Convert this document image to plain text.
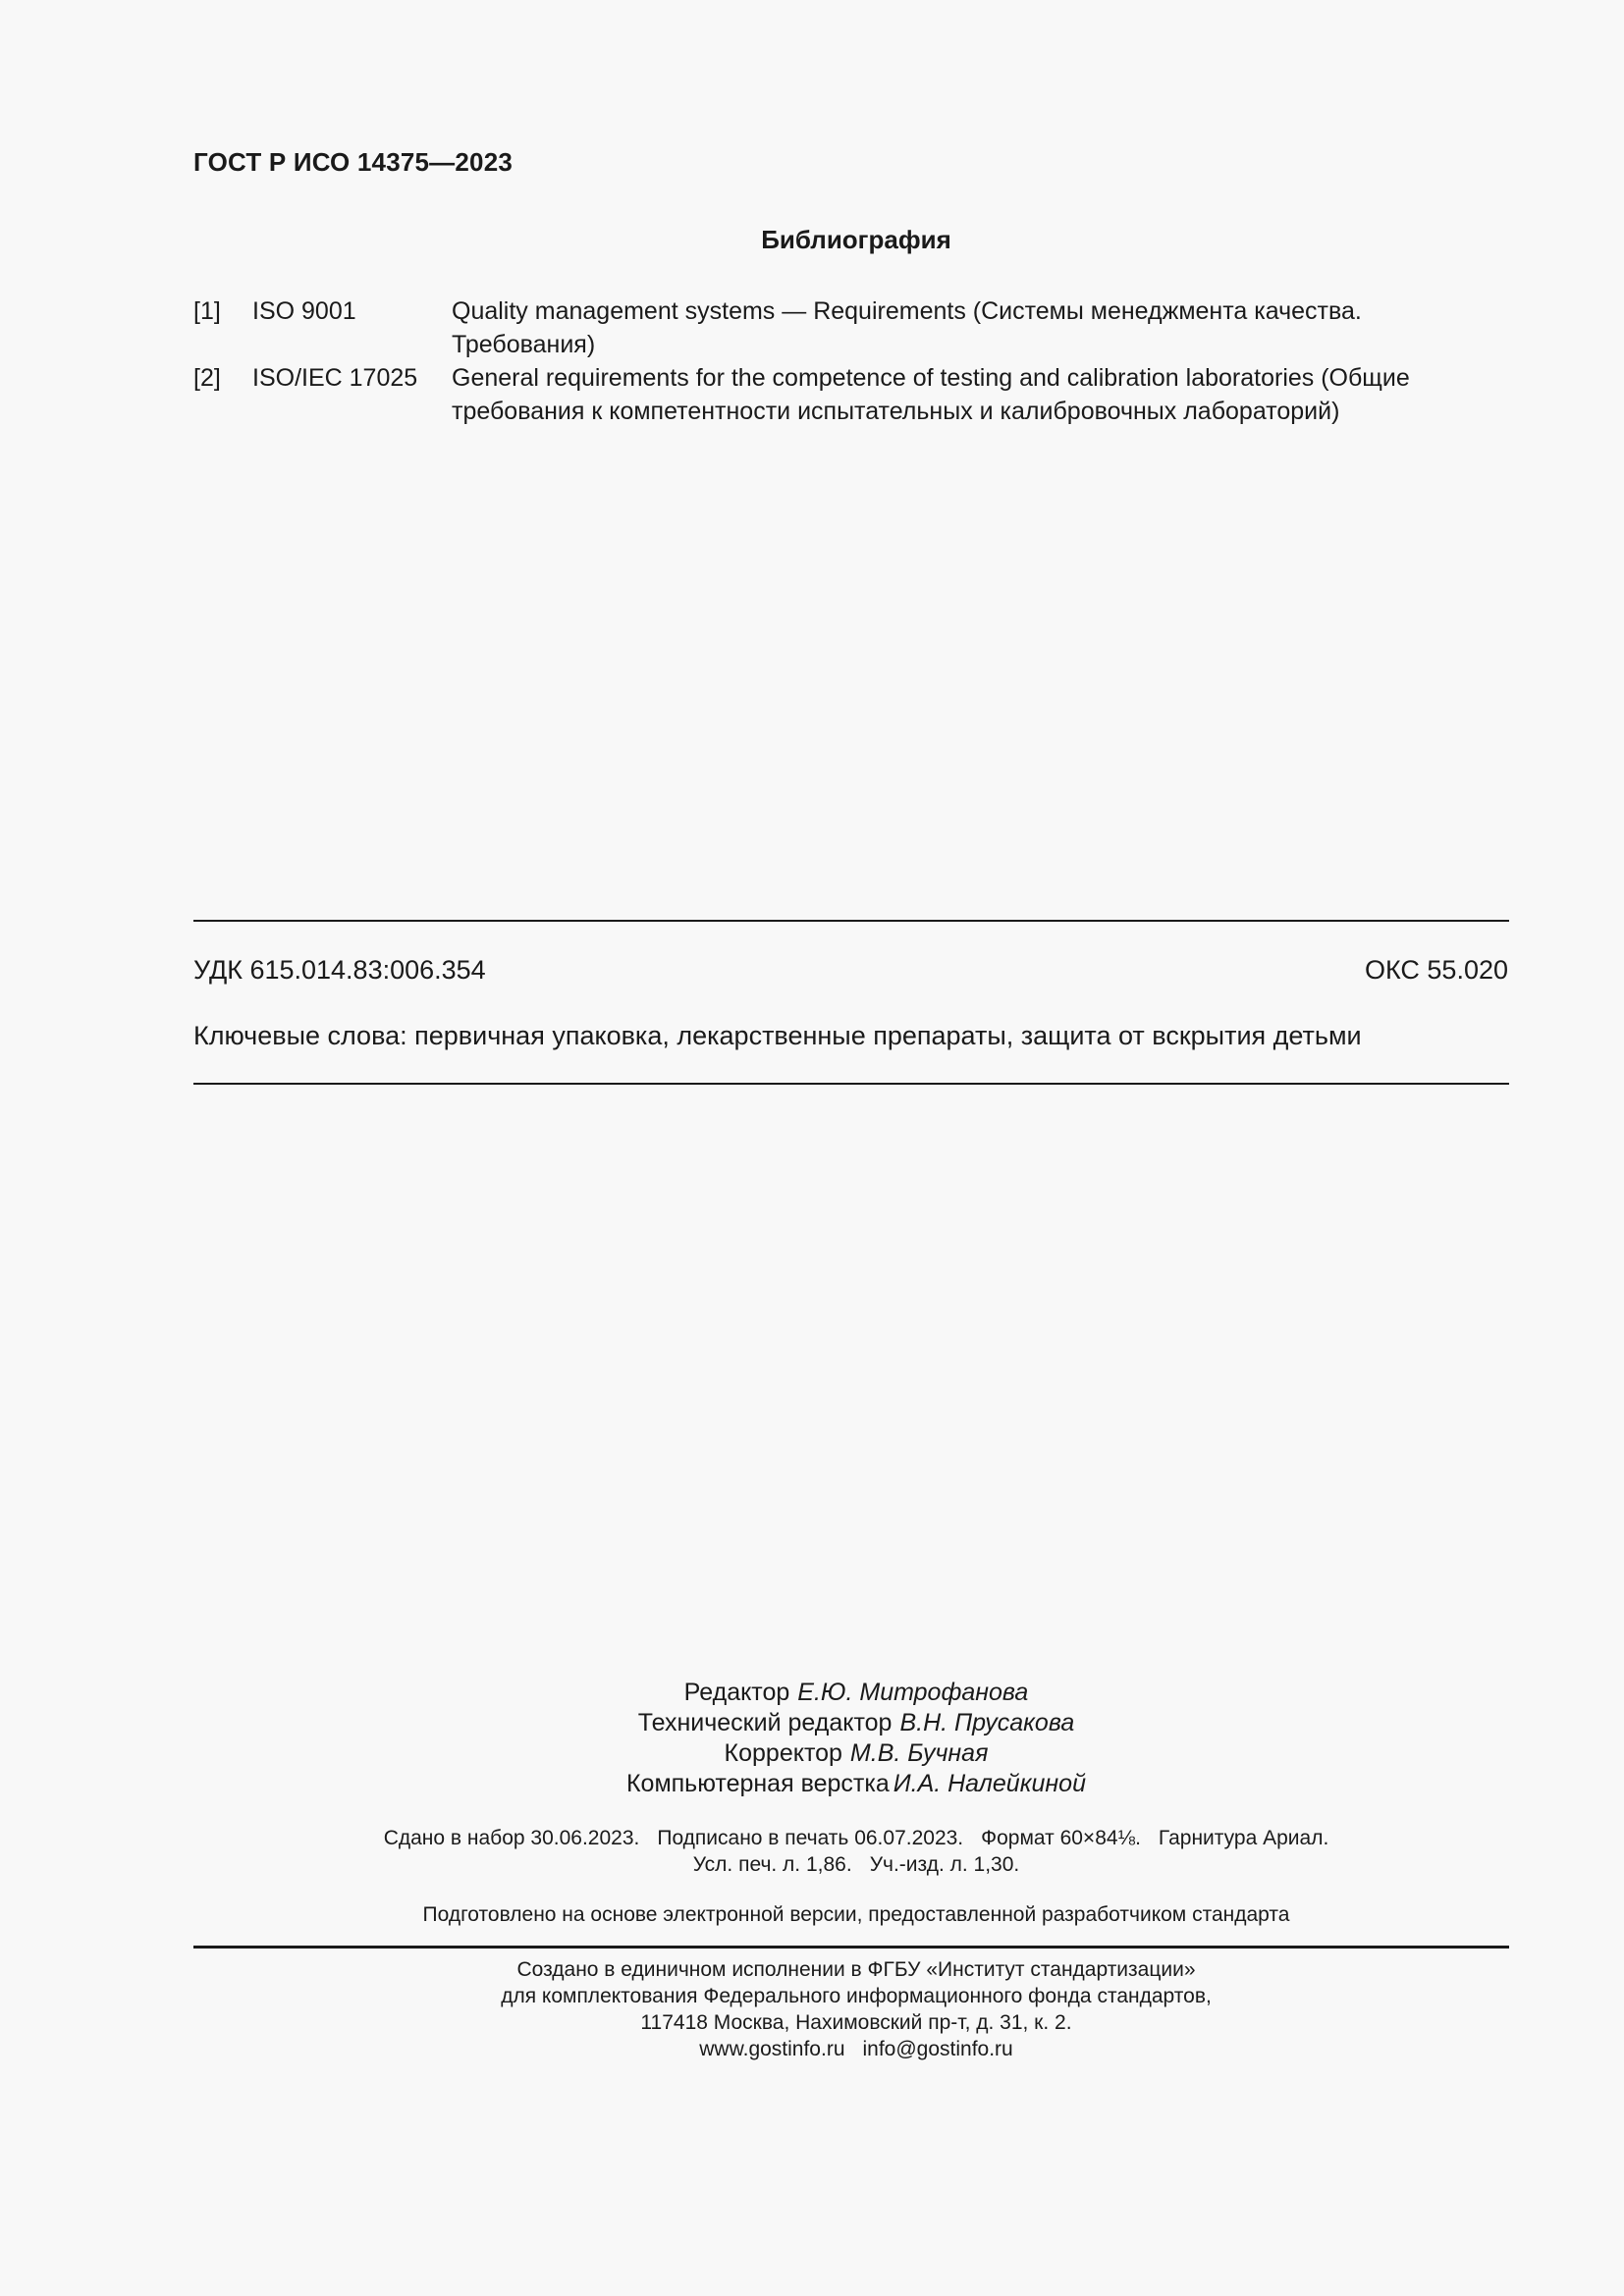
ГОСТ Р ИСО 14375—2023
Библиография
[1]	ISO 9001	Quality management systems — Requirements (Системы менеджмента качества. Требования)
[2]	ISO/IEC 17025	General requirements for the competence of testing and calibration laboratories (Общие требования к компетентности испытательных и калибровочных лабораторий)
УДК 615.014.83:006.354	ОКС 55.020
Ключевые слова: первичная упаковка, лекарственные препараты, защита от вскрытия детьми
Редактор Е.Ю. Митрофанова
Технический редактор В.Н. Прусакова
Корректор М.В. Бучная
Компьютерная верстка И.А. Налейкиной
Сдано в набор 30.06.2023. Подписано в печать 06.07.2023. Формат 60×84⅛. Гарнитура Ариал.
Усл. печ. л. 1,86. Уч.-изд. л. 1,30.
Подготовлено на основе электронной версии, предоставленной разработчиком стандарта
Создано в единичном исполнении в ФГБУ «Институт стандартизации»
для комплектования Федерального информационного фонда стандартов,
117418 Москва, Нахимовский пр-т, д. 31, к. 2.
www.gostinfo.ru info@gostinfo.ru
